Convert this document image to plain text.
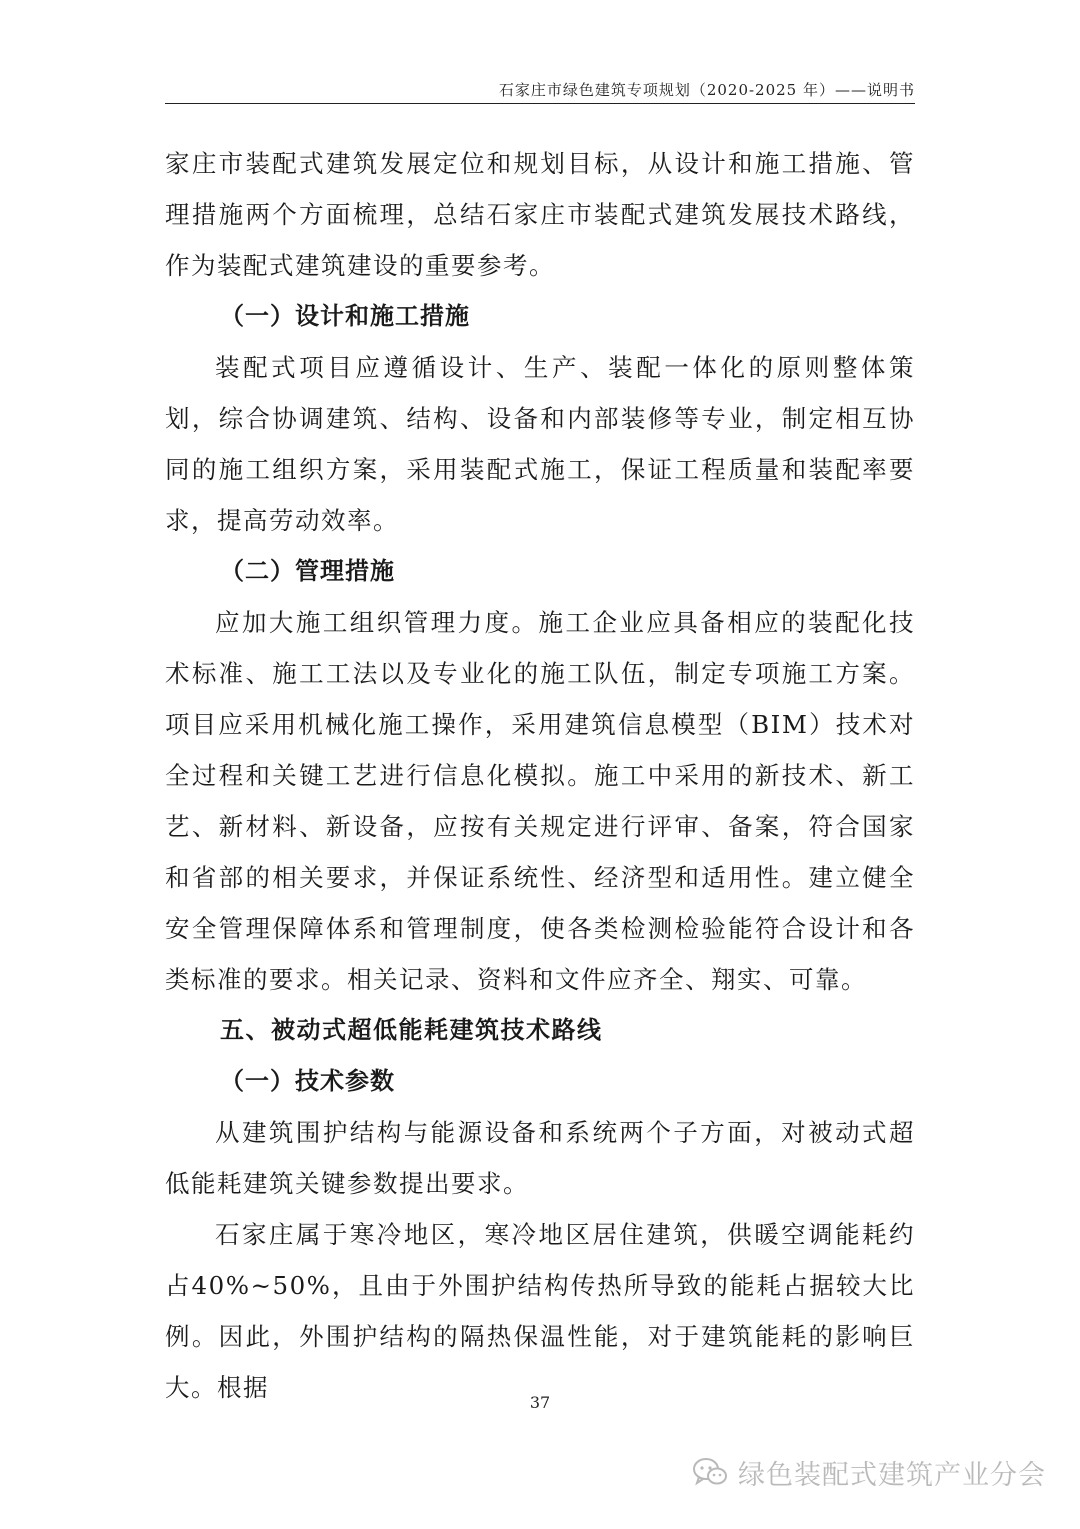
石家庄市绿色建筑专项规划（2020-2025 年）——说明书

家庄市装配式建筑发展定位和规划目标，从设计和施工措施、管理措施两个方面梳理，总结石家庄市装配式建筑发展技术路线，作为装配式建筑建设的重要参考。

（一）设计和施工措施

装配式项目应遵循设计、生产、装配一体化的原则整体策划，综合协调建筑、结构、设备和内部装修等专业，制定相互协同的施工组织方案，采用装配式施工，保证工程质量和装配率要求，提高劳动效率。

（二）管理措施

应加大施工组织管理力度。施工企业应具备相应的装配化技术标准、施工工法以及专业化的施工队伍，制定专项施工方案。项目应采用机械化施工操作，采用建筑信息模型（BIM）技术对全过程和关键工艺进行信息化模拟。施工中采用的新技术、新工艺、新材料、新设备，应按有关规定进行评审、备案，符合国家和省部的相关要求，并保证系统性、经济型和适用性。建立健全安全管理保障体系和管理制度，使各类检测检验能符合设计和各类标准的要求。相关记录、资料和文件应齐全、翔实、可靠。

五、被动式超低能耗建筑技术路线

（一）技术参数

从建筑围护结构与能源设备和系统两个子方面，对被动式超低能耗建筑关键参数提出要求。

石家庄属于寒冷地区，寒冷地区居住建筑，供暖空调能耗约占40%~50%，且由于外围护结构传热所导致的能耗占据较大比例。因此，外围护结构的隔热保温性能，对于建筑能耗的影响巨大。根据

37
绿色装配式建筑产业分会
